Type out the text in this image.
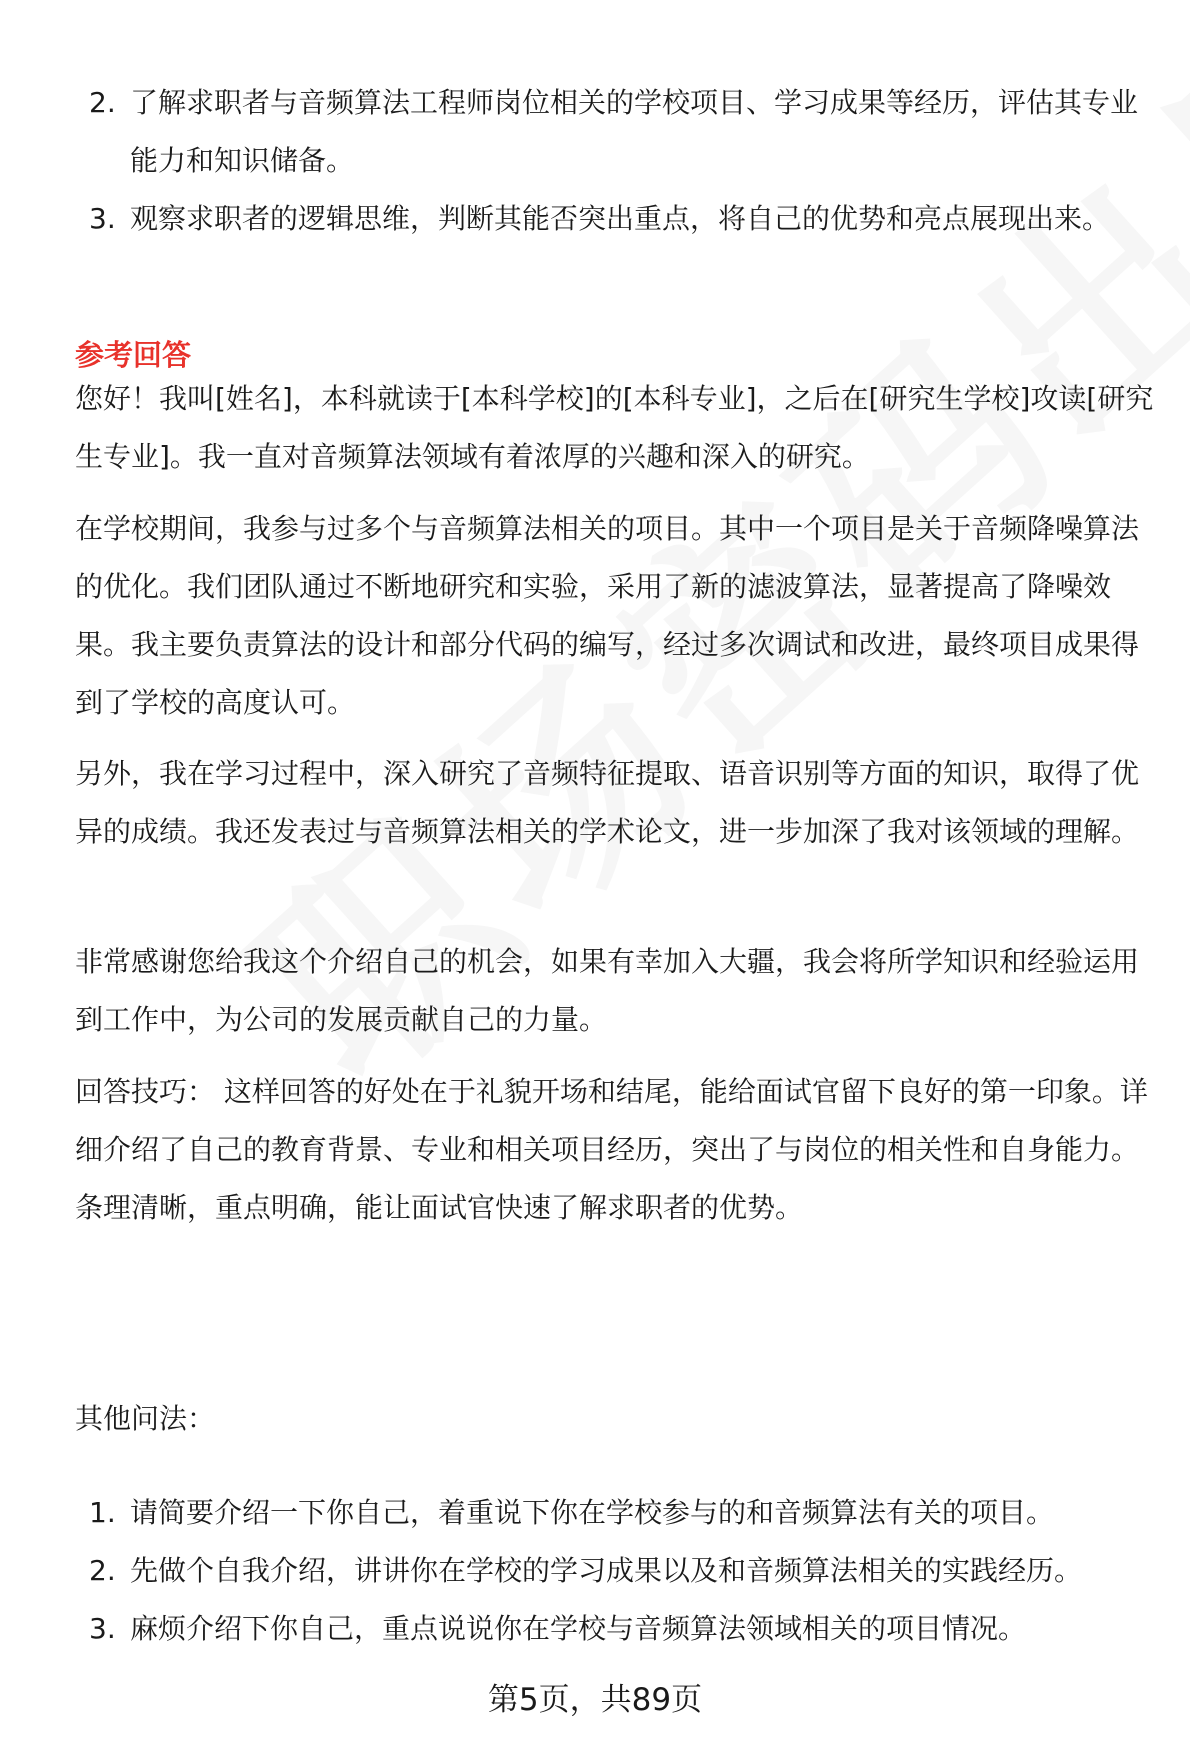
2. 了解求职者与音频算法工程师岗位相关的学校项目、学习成果等经历，评估其专业能力和知识储备。
3. 观察求职者的逻辑思维，判断其能否突出重点，将自己的优势和亮点展现出来。
参考回答

您好！我叫[姓名]，本科就读于[本科学校]的[本科专业]，之后在[研究生学校]攻读[研究生专业]。我一直对音频算法领域有着浓厚的兴趣和深入的研究。

在学校期间，我参与过多个与音频算法相关的项目。其中一个项目是关于音频降噪算法的优化。我们团队通过不断地研究和实验，采用了新的滤波算法，显著提高了降噪效果。我主要负责算法的设计和部分代码的编写，经过多次调试和改进，最终项目成果得到了学校的高度认可。

另外，我在学习过程中，深入研究了音频特征提取、语音识别等方面的知识，取得了优异的成绩。我还发表过与音频算法相关的学术论文，进一步加深了我对该领域的理解。

非常感谢您给我这个介绍自己的机会，如果有幸加入大疆，我会将所学知识和经验运用到工作中，为公司的发展贡献自己的力量。

回答技巧： 这样回答的好处在于礼貌开场和结尾，能给面试官留下良好的第一印象。详细介绍了自己的教育背景、专业和相关项目经历，突出了与岗位的相关性和自身能力。条理清晰，重点明确，能让面试官快速了解求职者的优势。

其他问法：
1. 请简要介绍一下你自己，着重说下你在学校参与的和音频算法有关的项目。
2. 先做个自我介绍，讲讲你在学校的学习成果以及和音频算法相关的实践经历。
3. 麻烦介绍下你自己，重点说说你在学校与音频算法领域相关的项目情况。
第5页，共89页
